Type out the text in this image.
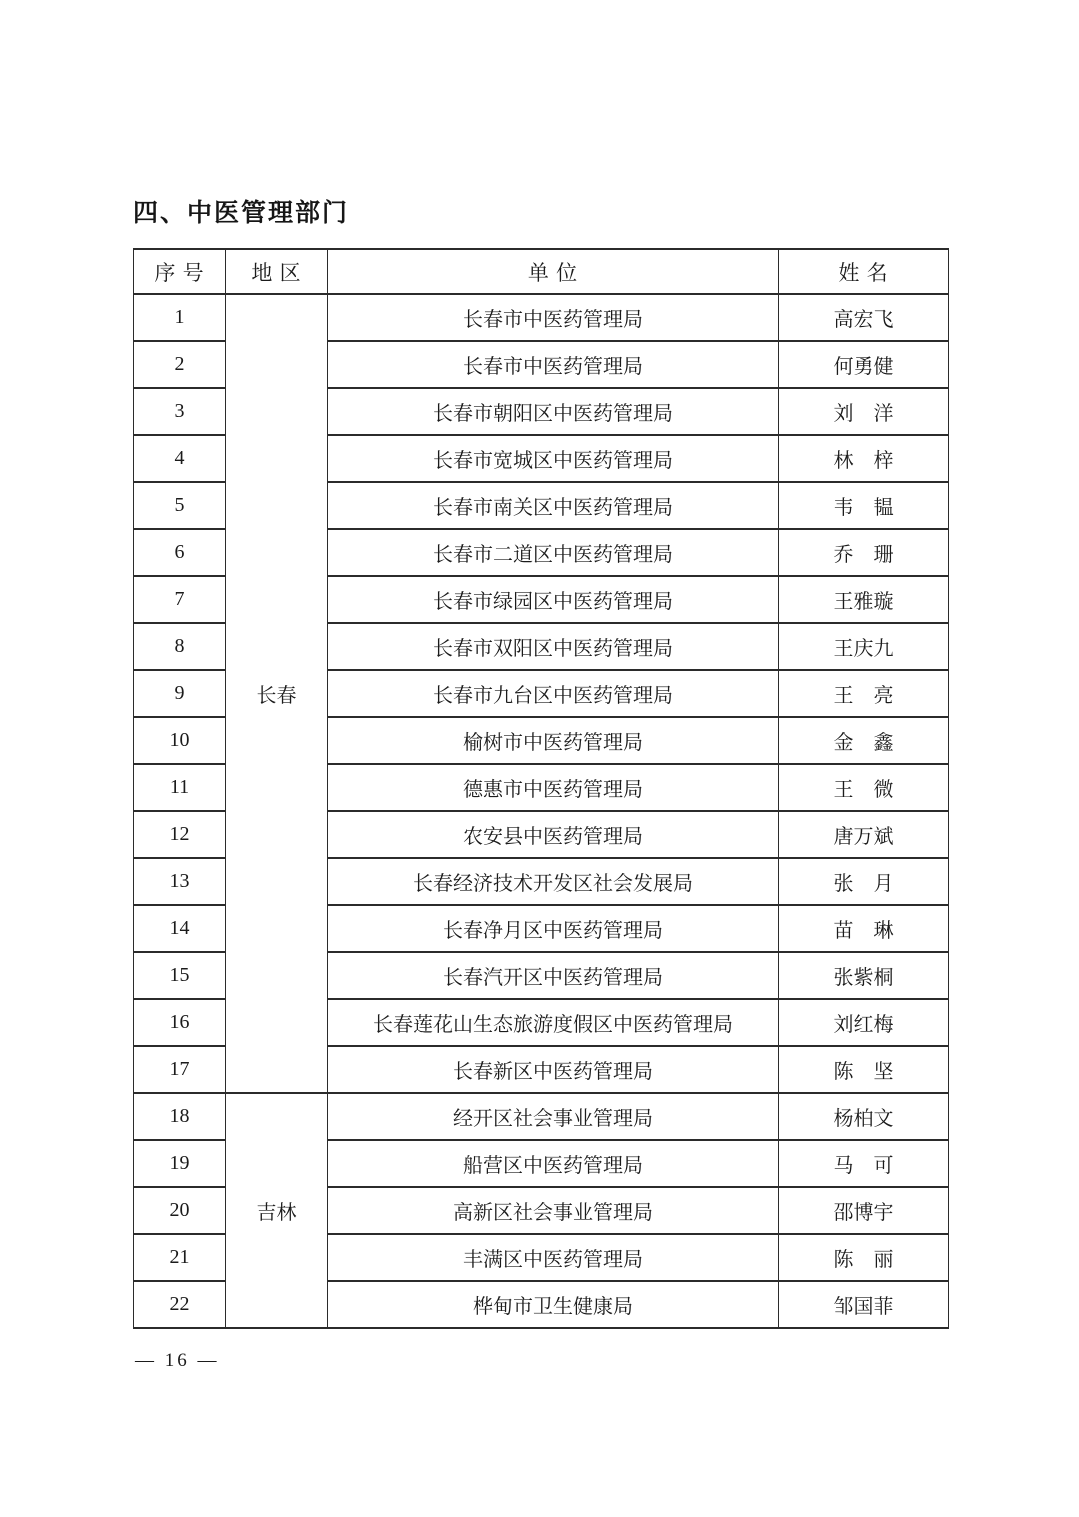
四、中医管理部门
序 号	地 区	单 位	姓 名
1	长春	长春市中医药管理局	高宏飞
2		长春市中医药管理局	何勇健
3		长春市朝阳区中医药管理局	刘　洋
4		长春市宽城区中医药管理局	林　梓
5		长春市南关区中医药管理局	韦　韫
6		长春市二道区中医药管理局	乔　珊
7		长春市绿园区中医药管理局	王雅璇
8		长春市双阳区中医药管理局	王庆九
9		长春市九台区中医药管理局	王　亮
10		榆树市中医药管理局	金　鑫
11		德惠市中医药管理局	王　微
12		农安县中医药管理局	唐万斌
13		长春经济技术开发区社会发展局	张　月
14		长春净月区中医药管理局	苗　琳
15		长春汽开区中医药管理局	张紫桐
16		长春莲花山生态旅游度假区中医药管理局	刘红梅
17		长春新区中医药管理局	陈　坚
18	吉林	经开区社会事业管理局	杨柏文
19		船营区中医药管理局	马　可
20		高新区社会事业管理局	邵博宇
21		丰满区中医药管理局	陈　丽
22		桦甸市卫生健康局	邹国菲
— 16 —
